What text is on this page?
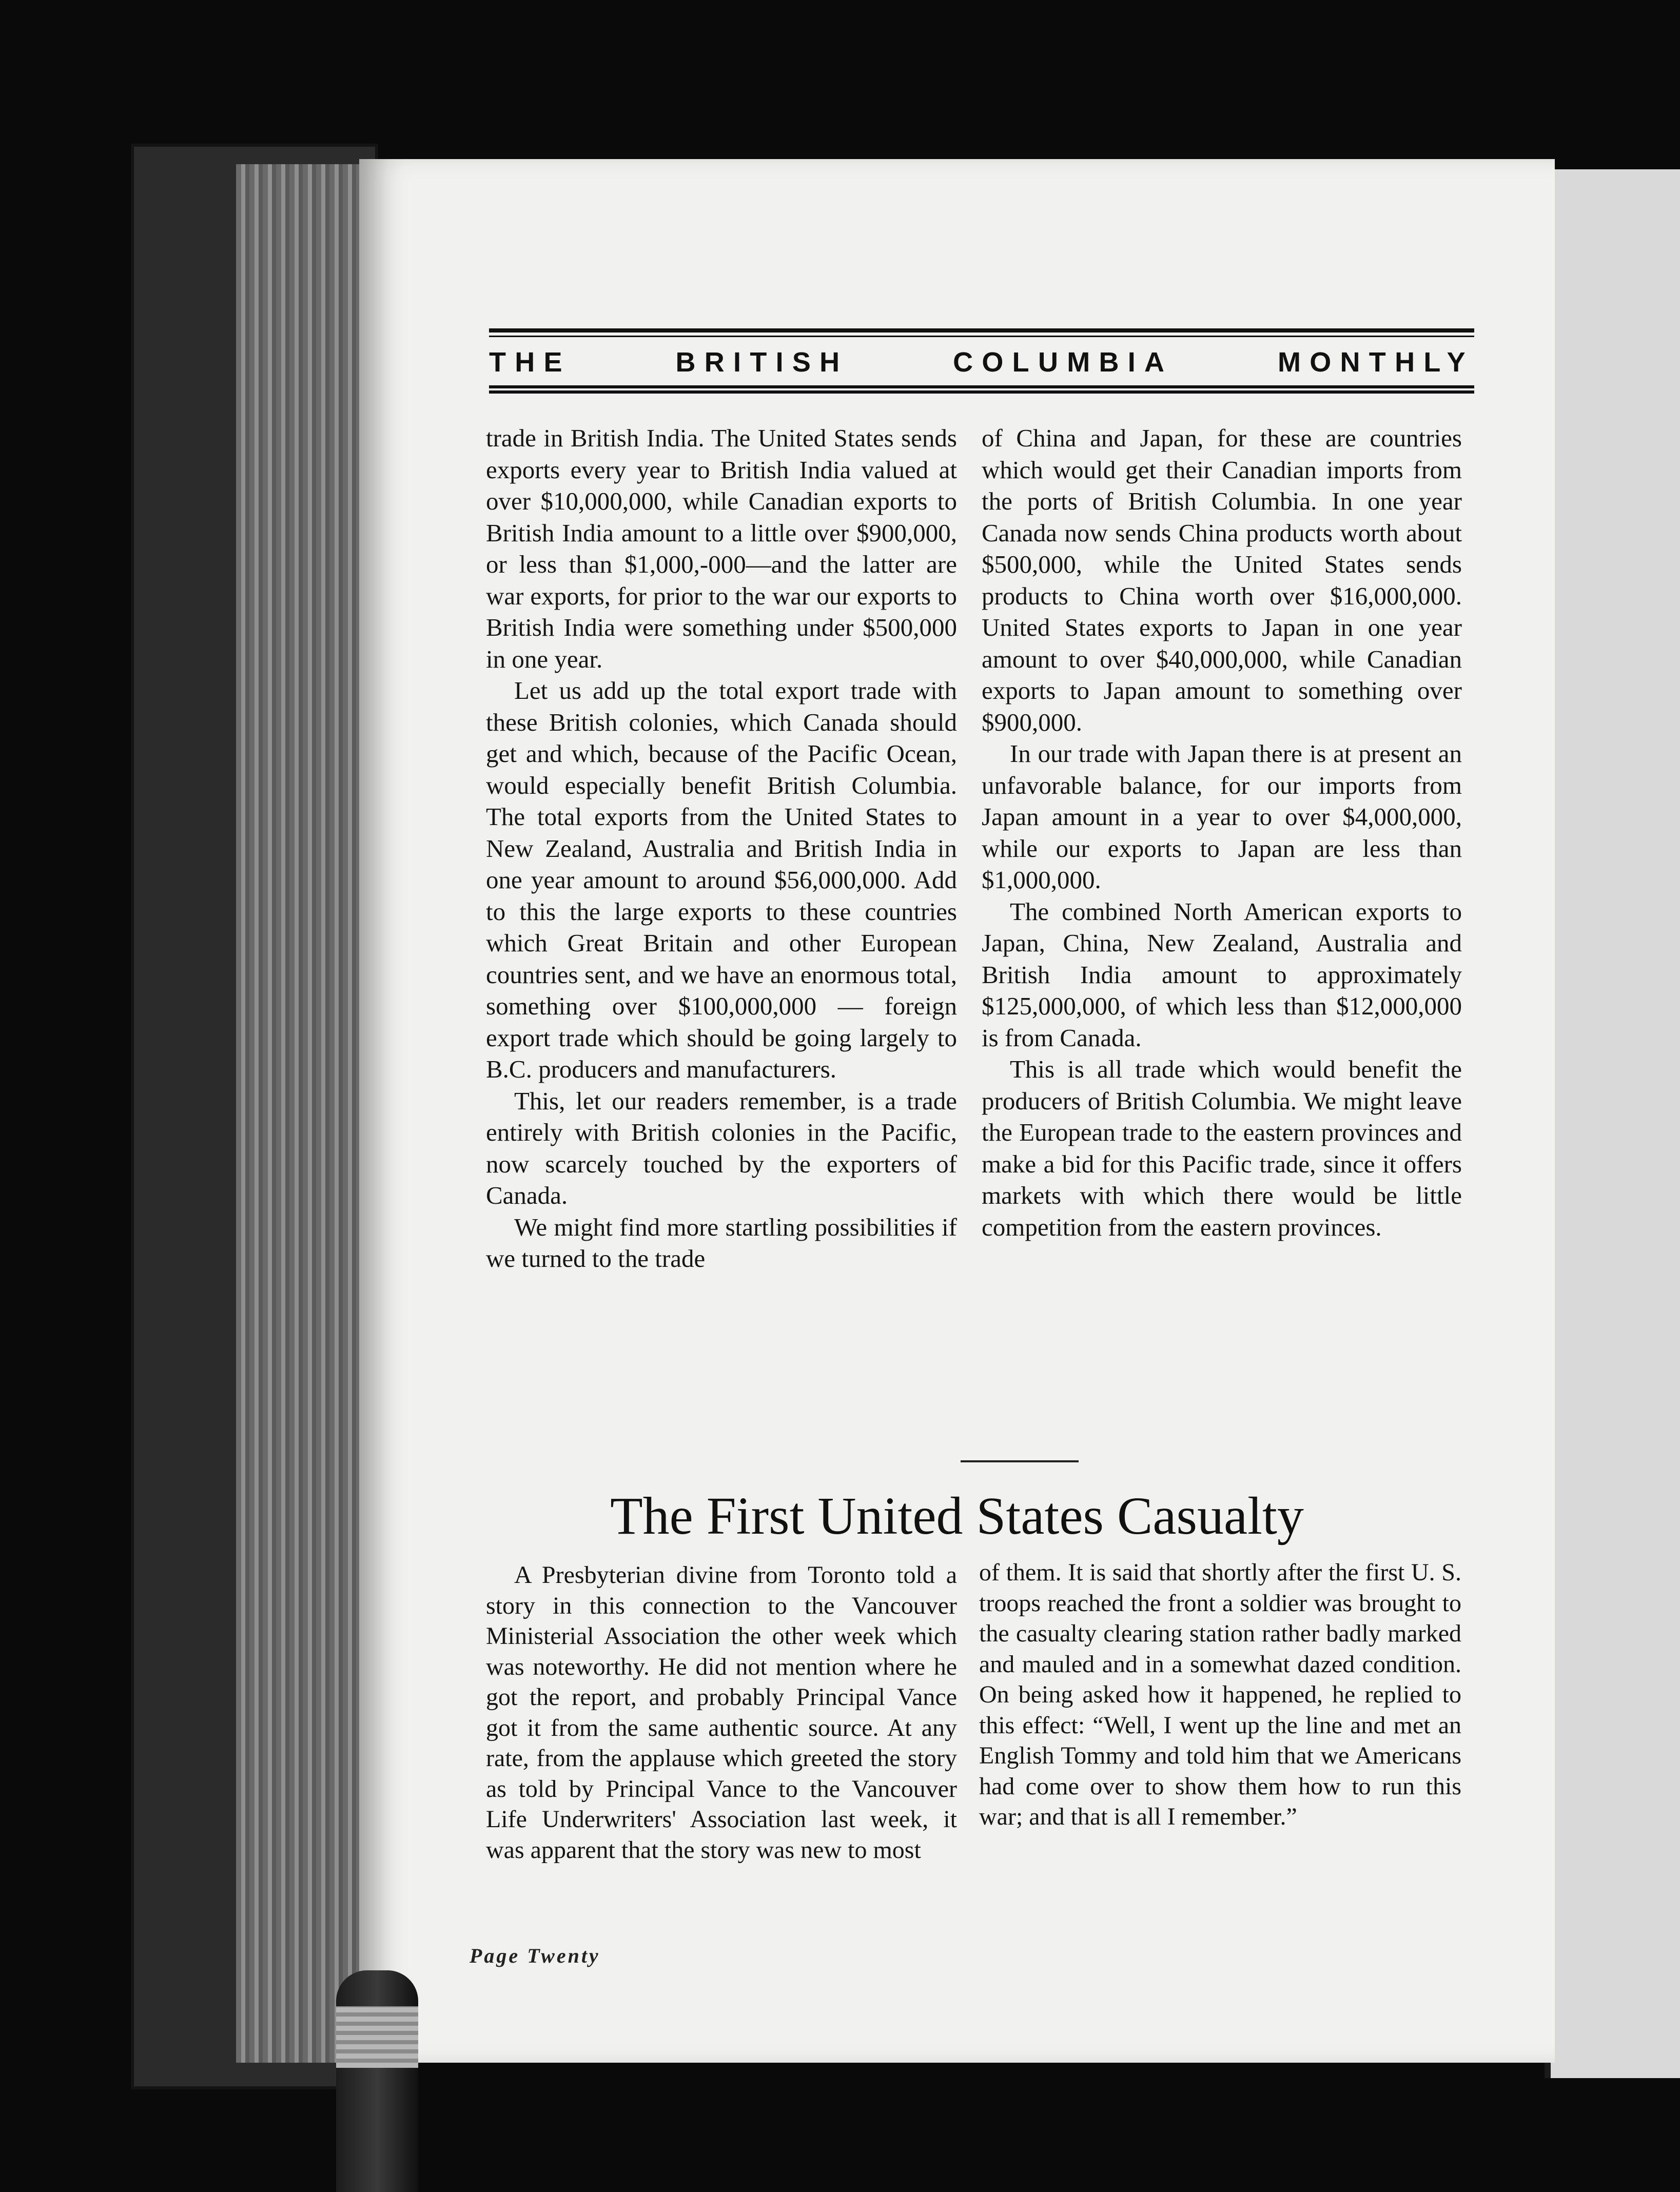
THE	BRITISH	COLUMBIA	MONTHLY

trade in British India. The United States sends exports every year to British India valued at over $10,000,000, while Canadian exports to British India amount to a little over $900,000, or less than $1,000,-000—and the latter are war exports, for prior to the war our exports to British India were something under $500,000 in one year.

Let us add up the total export trade with these British colonies, which Canada should get and which, because of the Pacific Ocean, would especially benefit British Columbia. The total exports from the United States to New Zealand, Australia and British India in one year amount to around $56,000,000. Add to this the large exports to these countries which Great Britain and other European countries sent, and we have an enormous total, something over $100,000,000 — foreign export trade which should be going largely to B.C. producers and manufacturers.

This, let our readers remember, is a trade entirely with British colonies in the Pacific, now scarcely touched by the exporters of Canada.

We might find more startling possibilities if we turned to the trade

of China and Japan, for these are countries which would get their Canadian imports from the ports of British Columbia. In one year Canada now sends China products worth about $500,000, while the United States sends products to China worth over $16,000,000. United States exports to Japan in one year amount to over $40,000,000, while Canadian exports to Japan amount to something over $900,000.

In our trade with Japan there is at present an unfavorable balance, for our imports from Japan amount in a year to over $4,000,000, while our exports to Japan are less than $1,000,000.

The combined North American exports to Japan, China, New Zealand, Australia and British India amount to approximately $125,000,000, of which less than $12,000,000 is from Canada.

This is all trade which would benefit the producers of British Columbia. We might leave the European trade to the eastern provinces and make a bid for this Pacific trade, since it offers markets with which there would be little competition from the eastern provinces.

The First United States Casualty

A Presbyterian divine from Toronto told a story in this connection to the Vancouver Ministerial Association the other week which was noteworthy. He did not mention where he got the report, and probably Principal Vance got it from the same authentic source. At any rate, from the applause which greeted the story as told by Principal Vance to the Vancouver Life Underwriters' Association last week, it was apparent that the story was new to most

of them. It is said that shortly after the first U. S. troops reached the front a soldier was brought to the casualty clearing station rather badly marked and mauled and in a somewhat dazed condition. On being asked how it happened, he replied to this effect: “Well, I went up the line and met an English Tommy and told him that we Americans had come over to show them how to run this war; and that is all I remember.”

Page Twenty
